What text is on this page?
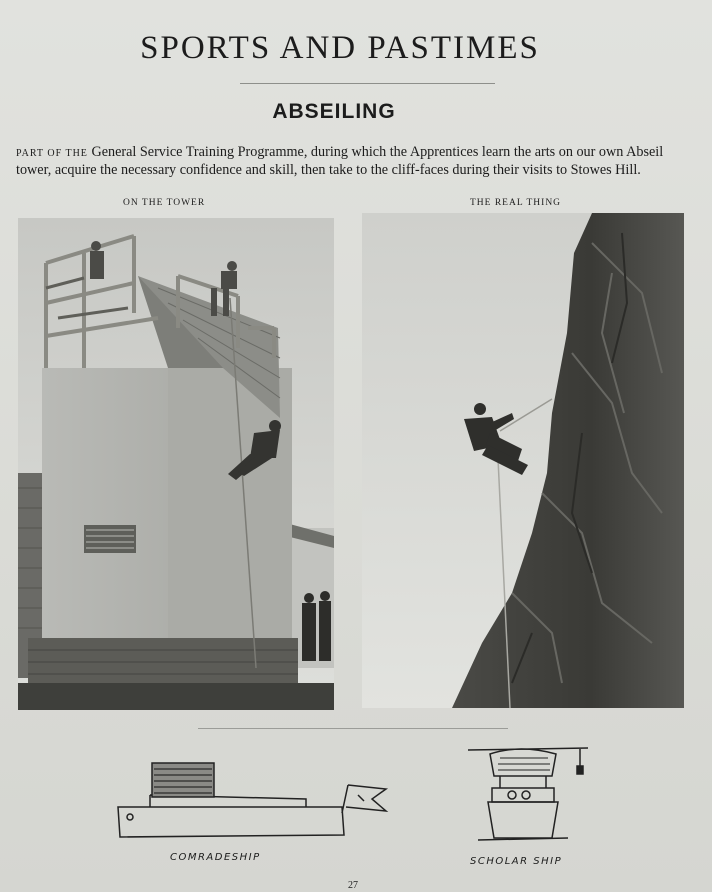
SPORTS AND PASTIMES
ABSEILING
PART OF THE General Service Training Programme, during which the Apprentices learn the arts on our own Abseil tower, acquire the necessary confidence and skill, then take to the cliff-faces during their visits to Stowes Hill.
ON THE TOWER	THE REAL THING
COMRADESHIP	SCHOLAR SHIP
27
